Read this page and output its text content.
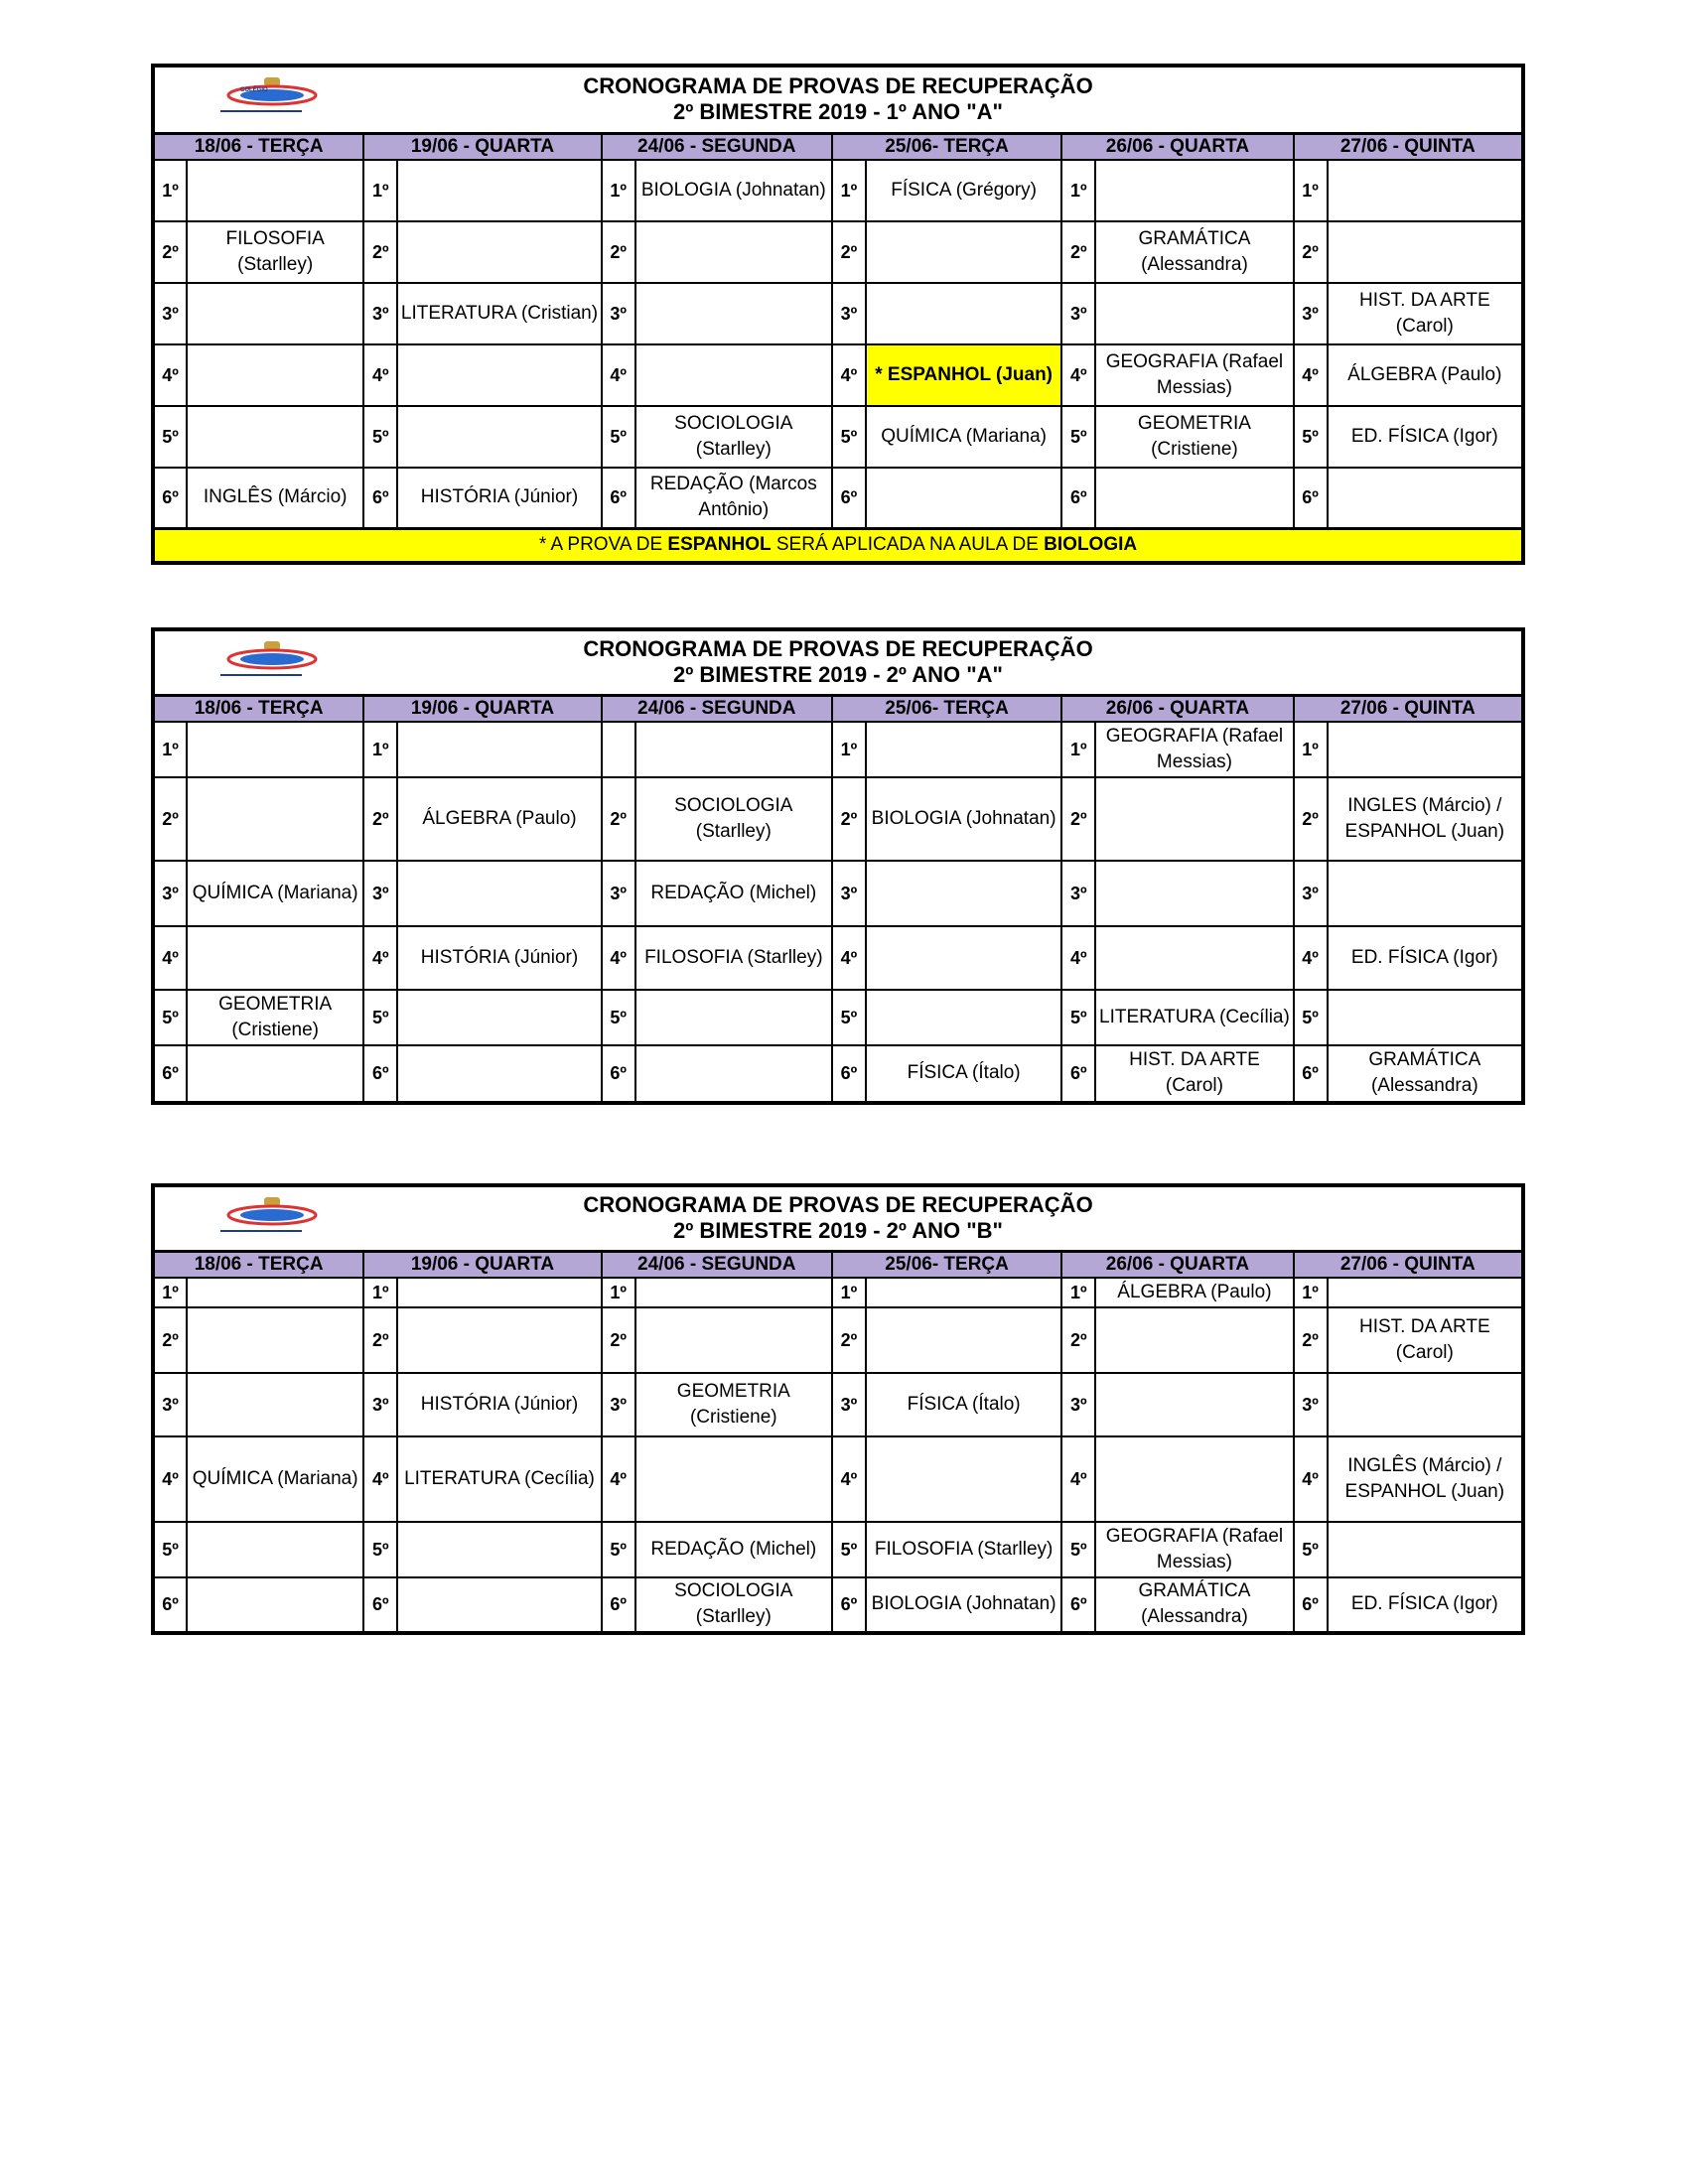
COLÉGIO CRONOGRAMA DE PROVAS DE RECUPERAÇÃO
2º BIMESTRE 2019 - 1º ANO "A"											

18/06 - TERÇA		19/06 - QUARTA		24/06 - SEGUNDA		25/06- TERÇA		26/06 - QUARTA		27/06 - QUINTA	
1º		1º		1º	BIOLOGIA (Johnatan)	1º	FÍSICA (Grégory)	1º		1º	
2º	FILOSOFIA (Starlley)	2º		2º		2º		2º	GRAMÁTICA (Alessandra)	2º	
3º		3º	LITERATURA (Cristian)	3º		3º		3º		3º	HIST. DA ARTE (Carol)
4º		4º		4º		4º	* ESPANHOL (Juan)	4º	GEOGRAFIA (Rafael Messias)	4º	ÁLGEBRA (Paulo)
5º		5º		5º	SOCIOLOGIA (Starlley)	5º	QUÍMICA (Mariana)	5º	GEOMETRIA (Cristiene)	5º	ED. FÍSICA (Igor)
6º	INGLÊS (Márcio)	6º	HISTÓRIA (Júnior)	6º	REDAÇÃO (Marcos Antônio)	6º		6º		6º	
* A PROVA DE ESPANHOL SERÁ APLICADA NA AULA DE BIOLOGIA											
CRONOGRAMA DE PROVAS DE RECUPERAÇÃO
2º BIMESTRE 2019 - 2º ANO "A"											

18/06 - TERÇA		19/06 - QUARTA		24/06 - SEGUNDA		25/06- TERÇA		26/06 - QUARTA		27/06 - QUINTA	
1º		1º				1º		1º	GEOGRAFIA (Rafael Messias)	1º	
2º		2º	ÁLGEBRA (Paulo)	2º	SOCIOLOGIA (Starlley)	2º	BIOLOGIA (Johnatan)	2º		2º	INGLES (Márcio) / ESPANHOL (Juan)
3º	QUÍMICA (Mariana)	3º		3º	REDAÇÃO (Michel)	3º		3º		3º	
4º		4º	HISTÓRIA (Júnior)	4º	FILOSOFIA (Starlley)	4º		4º		4º	ED. FÍSICA (Igor)
5º	GEOMETRIA (Cristiene)	5º		5º		5º		5º	LITERATURA (Cecília)	5º	
6º		6º		6º		6º	FÍSICA (Ítalo)	6º	HIST. DA ARTE (Carol)	6º	GRAMÁTICA (Alessandra)
CRONOGRAMA DE PROVAS DE RECUPERAÇÃO
2º BIMESTRE 2019 - 2º ANO "B"											

18/06 - TERÇA		19/06 - QUARTA		24/06 - SEGUNDA		25/06- TERÇA		26/06 - QUARTA		27/06 - QUINTA	
1º		1º		1º		1º		1º	ÁLGEBRA (Paulo)	1º	
2º		2º		2º		2º		2º		2º	HIST. DA ARTE (Carol)
3º		3º	HISTÓRIA (Júnior)	3º	GEOMETRIA (Cristiene)	3º	FÍSICA (Ítalo)	3º		3º	
4º	QUÍMICA (Mariana)	4º	LITERATURA (Cecília)	4º		4º		4º		4º	INGLÊS (Márcio) / ESPANHOL (Juan)
5º		5º		5º	REDAÇÃO (Michel)	5º	FILOSOFIA (Starlley)	5º	GEOGRAFIA (Rafael Messias)	5º	
6º		6º		6º	SOCIOLOGIA (Starlley)	6º	BIOLOGIA (Johnatan)	6º	GRAMÁTICA (Alessandra)	6º	ED. FÍSICA (Igor)
